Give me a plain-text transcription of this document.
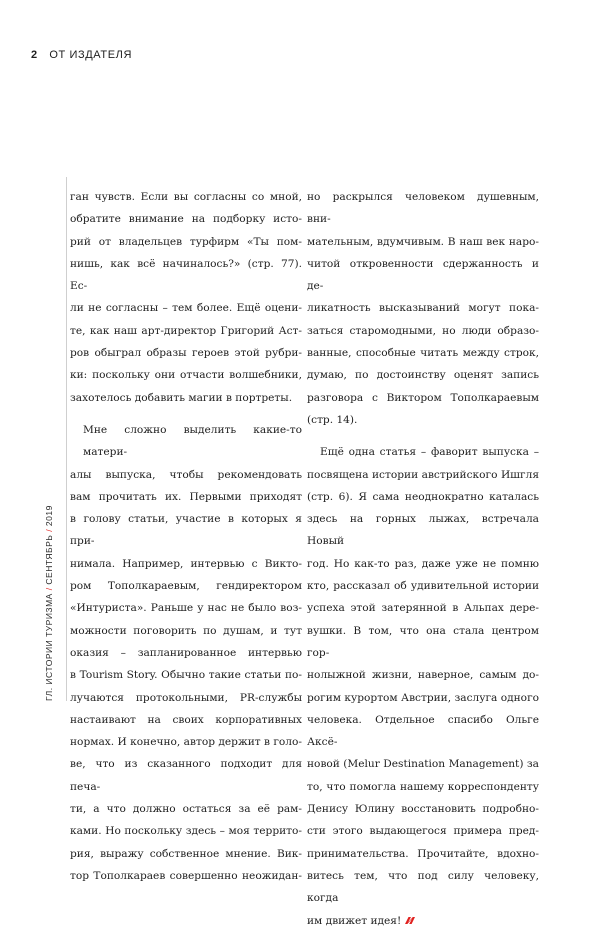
2 ОТ ИЗДАТЕЛЯ
ГЛ. ИСТОРИИ ТУРИЗМА / СЕНТЯБРЬ / 2019

ган чувств. Если вы согласны со мной,
обратите внимание на подборку исто-
рий от владельцев турфирм «Ты пом-
нишь, как всё начиналось?» (стр. 77). Ес-
ли не согласны – тем более. Ещё оцени-
те, как наш арт-директор Григорий Аст-
ров обыграл образы героев этой рубри-
ки: поскольку они отчасти волшебники,
захотелось добавить магии в портреты.

Мне сложно выделить какие-то матери-
алы выпуска, чтобы рекомендовать
вам прочитать их. Первыми приходят
в голову статьи, участие в которых я при-
нимала. Например, интервью с Викто-
ром Тополкараевым, гендиректором
«Интуриста». Раньше у нас не было воз-
можности поговорить по душам, и тут
оказия – запланированное интервью
в Tourism Story. Обычно такие статьи по-
лучаются протокольными, PR-службы
настаивают на своих корпоративных
нормах. И конечно, автор держит в голо-
ве, что из сказанного подходит для печа-
ти, а что должно остаться за её рам-
ками. Но поскольку здесь – моя террито-
рия, выражу собственное мнение. Вик-
тор Тополкараев совершенно неожидан-

но раскрылся человеком душевным, вни-
мательным, вдумчивым. В наш век наро-
читой откровенности сдержанность и де-
ликатность высказываний могут пока-
заться старомодными, но люди образо-
ванные, способные читать между строк,
думаю, по достоинству оценят запись
разговора с Виктором Тополкараевым
(стр. 14).

Ещё одна статья – фаворит выпуска –
посвящена истории австрийского Ишгля
(стр. 6). Я сама неоднократно каталась
здесь на горных лыжах, встречала Новый
год. Но как-то раз, даже уже не помню
кто, рассказал об удивительной истории
успеха этой затерянной в Альпах дере-
вушки. В том, что она стала центром гор-
нолыжной жизни, наверное, самым до-
рогим курортом Австрии, заслуга одного
человека. Отдельное спасибо Ольге Аксё-
новой (Melur Destination Management) за
то, что помогла нашему корреспонденту
Денису Юлину восстановить подробно-
сти этого выдающегося примера пред-
принимательства. Прочитайте, вдохно-
витесь тем, что под силу человеку, когда
им движет идея!
